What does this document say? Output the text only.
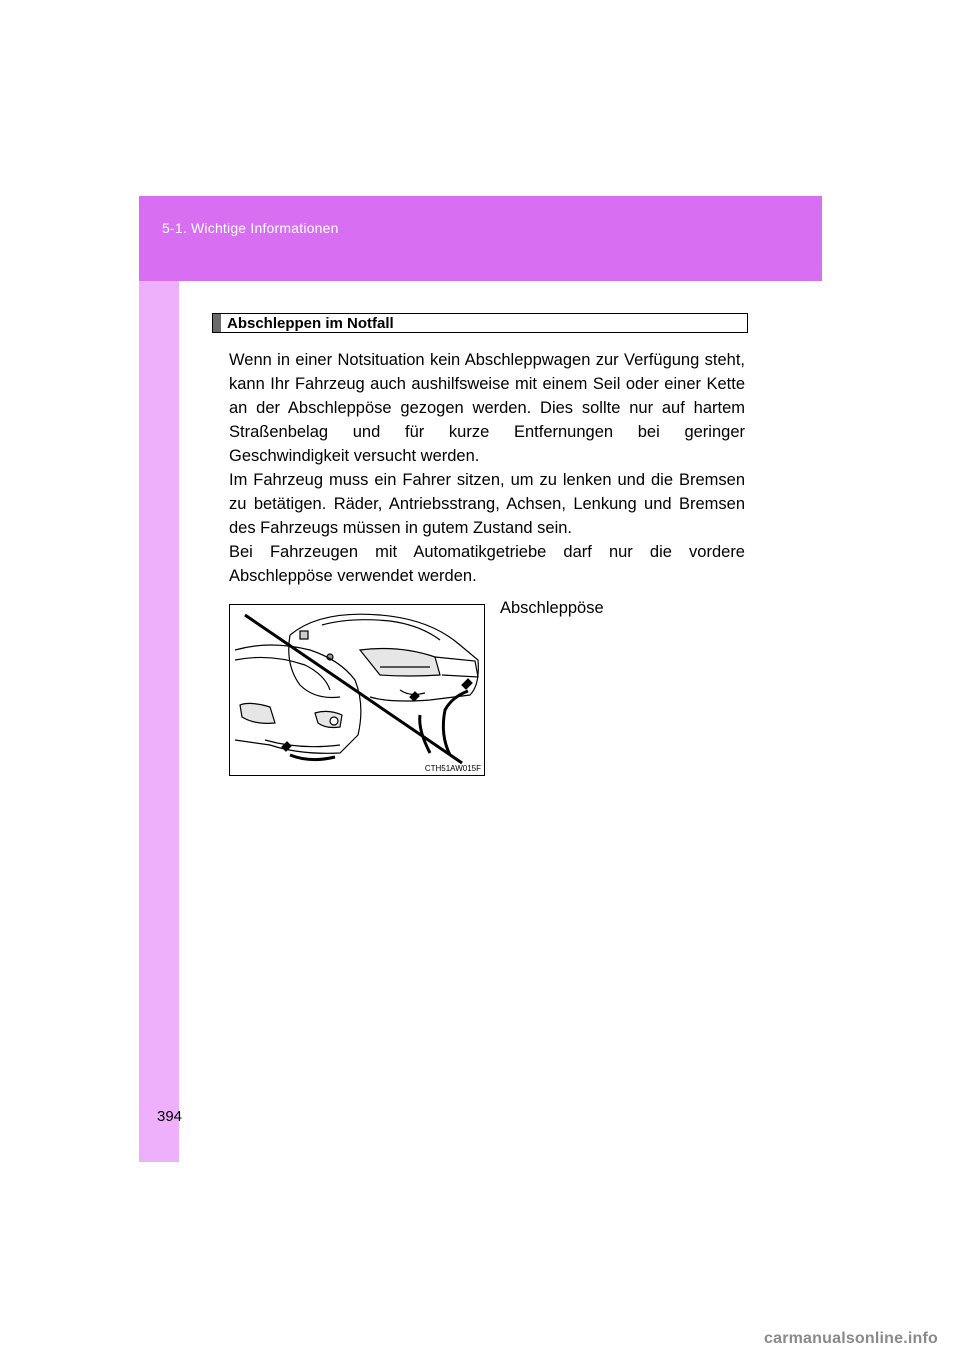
5-1. Wichtige Informationen
Abschleppen im Notfall
Wenn in einer Notsituation kein Abschleppwagen zur Verfügung steht, kann Ihr Fahrzeug auch aushilfsweise mit einem Seil oder einer Kette an der Abschleppöse gezogen werden. Dies sollte nur auf hartem Straßenbelag und für kurze Entfernungen bei geringer Geschwindigkeit versucht werden.
Im Fahrzeug muss ein Fahrer sitzen, um zu lenken und die Bremsen zu betätigen. Räder, Antriebsstrang, Achsen, Lenkung und Bremsen des Fahrzeugs müssen in gutem Zustand sein.
Bei Fahrzeugen mit Automatikgetriebe darf nur die vordere Abschleppöse verwendet werden.
CTH51AW015F
Abschleppöse
394
carmanualsonline.info
